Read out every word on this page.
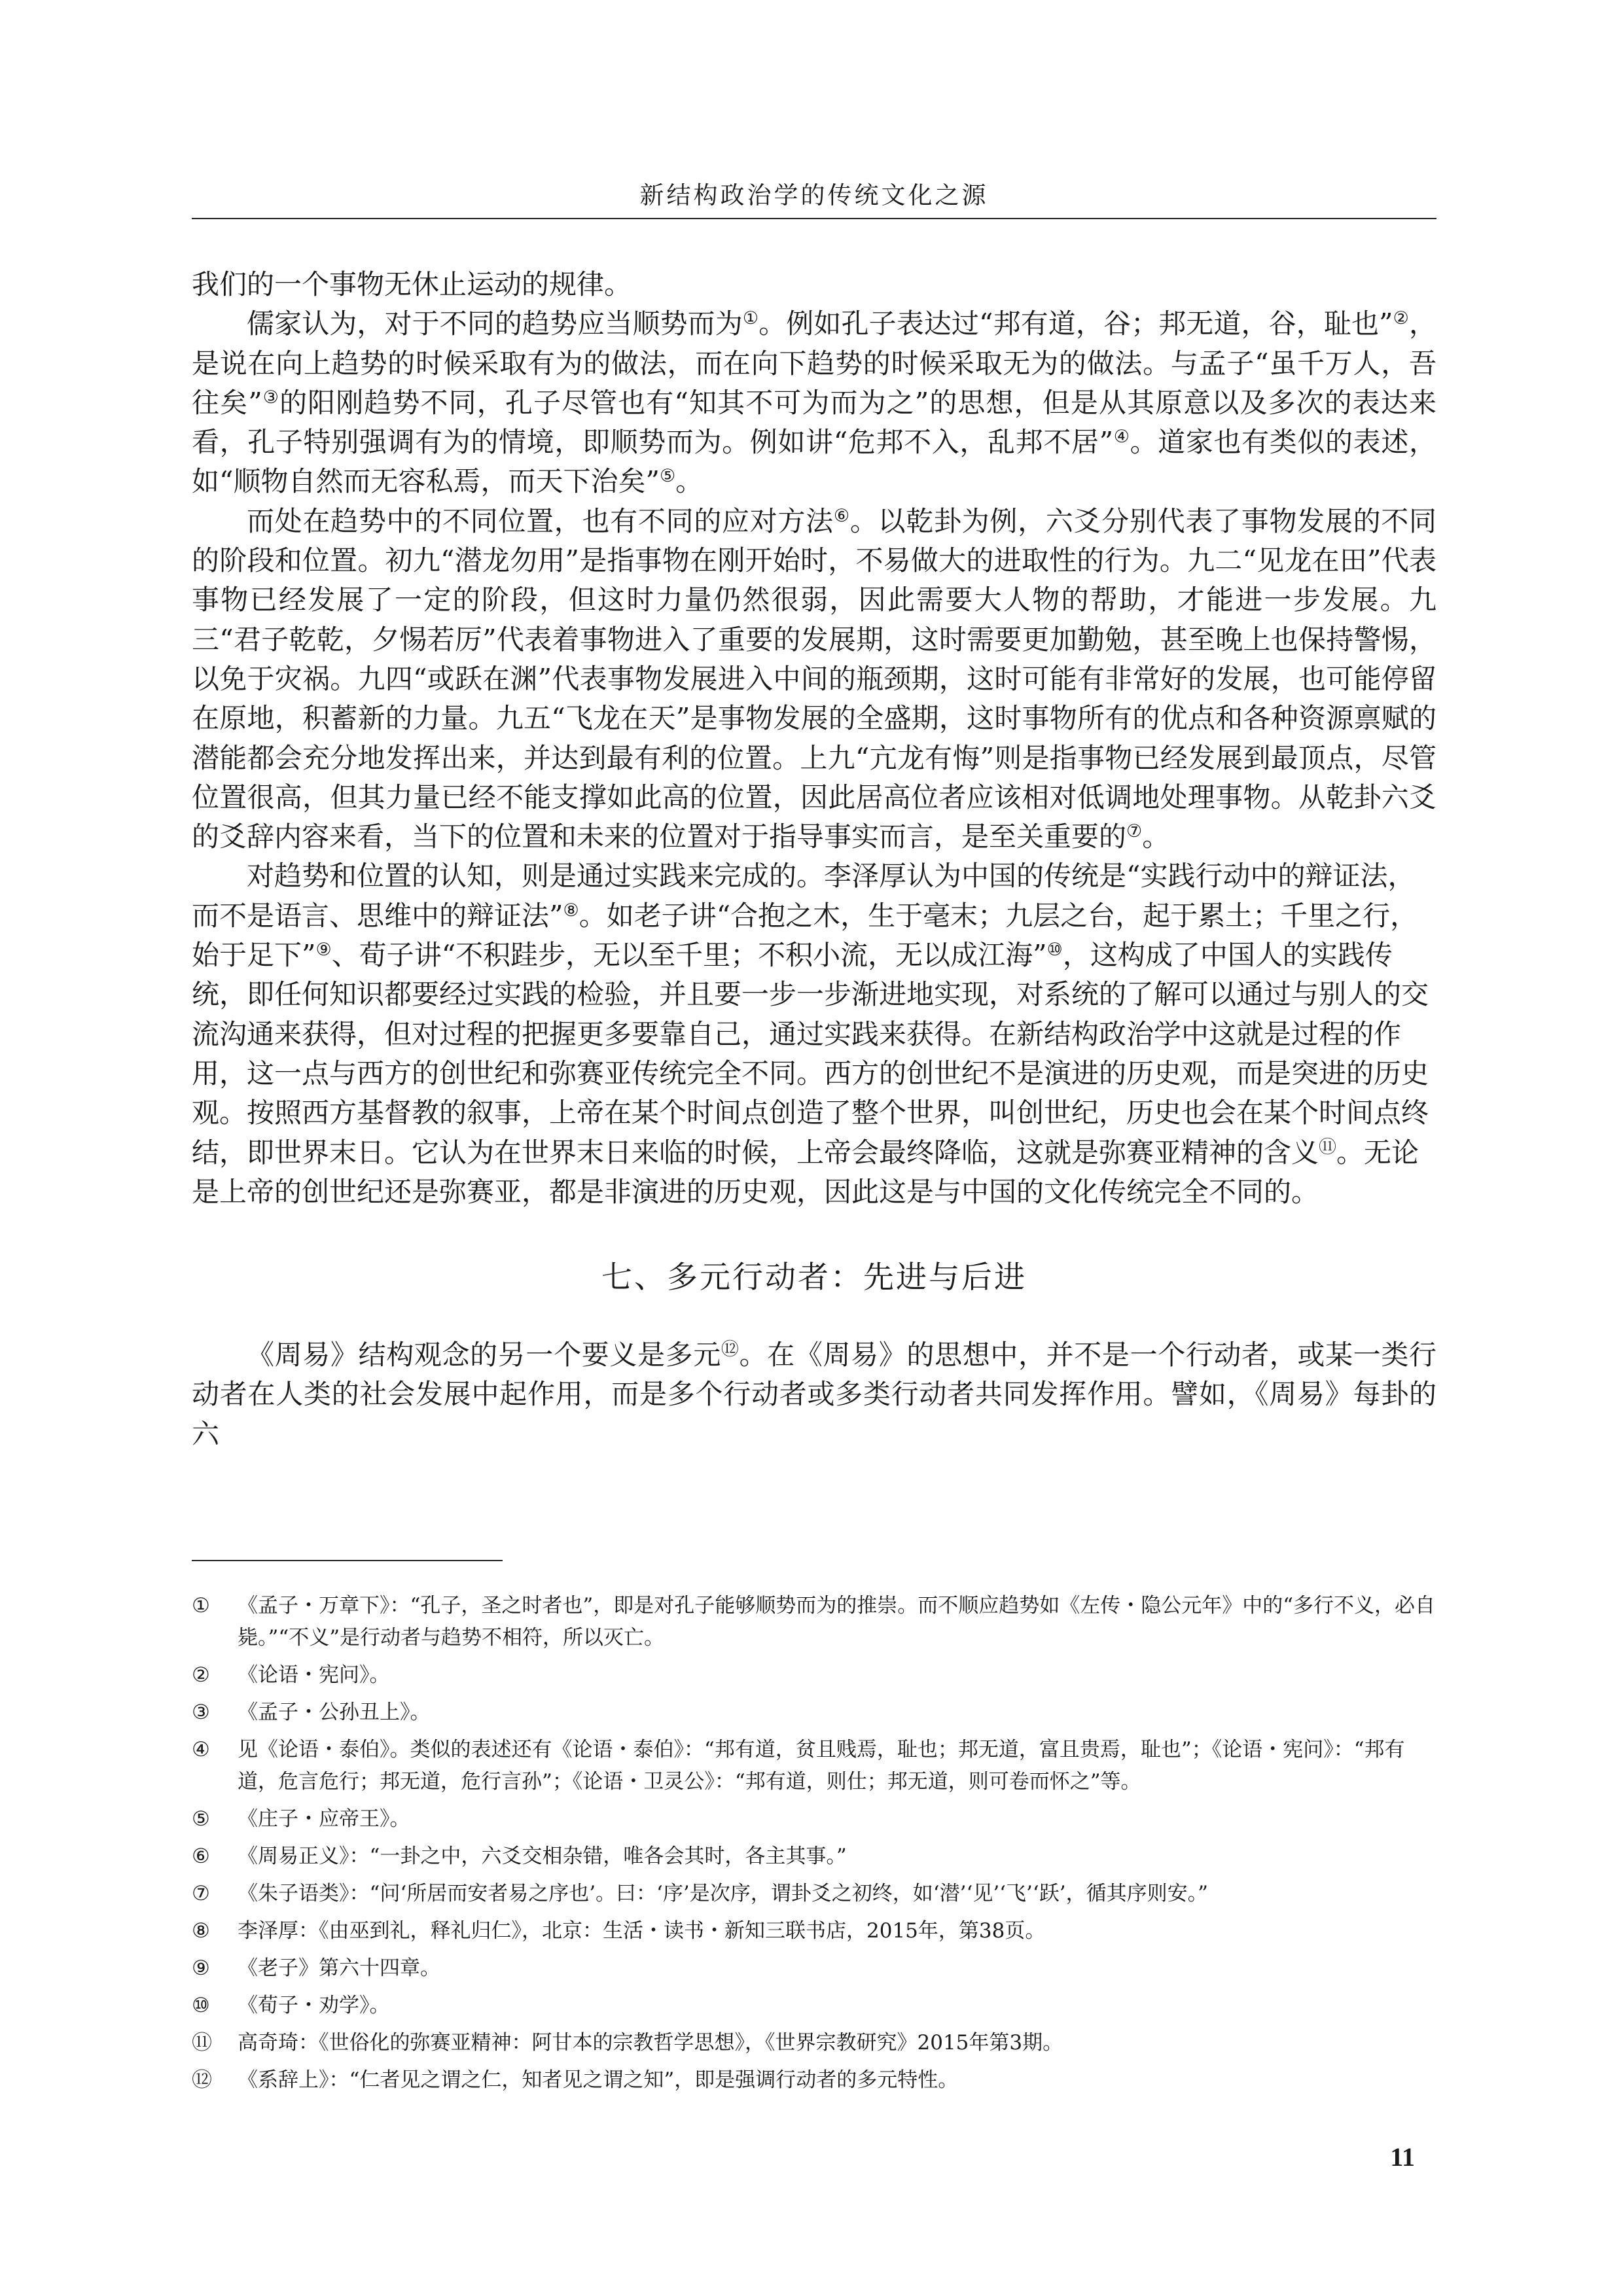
新结构政治学的传统文化之源

我们的一个事物无休止运动的规律。

儒家认为，对于不同的趋势应当顺势而为①。例如孔子表达过“邦有道，谷；邦无道，谷，耻也”②，是说在向上趋势的时候采取有为的做法，而在向下趋势的时候采取无为的做法。与孟子“虽千万人，吾往矣”③的阳刚趋势不同，孔子尽管也有“知其不可为而为之”的思想，但是从其原意以及多次的表达来看，孔子特别强调有为的情境，即顺势而为。例如讲“危邦不入，乱邦不居”④。道家也有类似的表述，如“顺物自然而无容私焉，而天下治矣”⑤。

而处在趋势中的不同位置，也有不同的应对方法⑥。以乾卦为例，六爻分别代表了事物发展的不同的阶段和位置。初九“潜龙勿用”是指事物在刚开始时，不易做大的进取性的行为。九二“见龙在田”代表事物已经发展了一定的阶段，但这时力量仍然很弱，因此需要大人物的帮助，才能进一步发展。九三“君子乾乾，夕惕若厉”代表着事物进入了重要的发展期，这时需要更加勤勉，甚至晚上也保持警惕，以免于灾祸。九四“或跃在渊”代表事物发展进入中间的瓶颈期，这时可能有非常好的发展，也可能停留在原地，积蓄新的力量。九五“飞龙在天”是事物发展的全盛期，这时事物所有的优点和各种资源禀赋的潜能都会充分地发挥出来，并达到最有利的位置。上九“亢龙有悔”则是指事物已经发展到最顶点，尽管位置很高，但其力量已经不能支撑如此高的位置，因此居高位者应该相对低调地处理事物。从乾卦六爻的爻辞内容来看，当下的位置和未来的位置对于指导事实而言，是至关重要的⑦。

对趋势和位置的认知，则是通过实践来完成的。李泽厚认为中国的传统是“实践行动中的辩证法，而不是语言、思维中的辩证法”⑧。如老子讲“合抱之木，生于毫末；九层之台，起于累土；千里之行，始于足下”⑨、荀子讲“不积跬步，无以至千里；不积小流，无以成江海”⑩，这构成了中国人的实践传统，即任何知识都要经过实践的检验，并且要一步一步渐进地实现，对系统的了解可以通过与别人的交流沟通来获得，但对过程的把握更多要靠自己，通过实践来获得。在新结构政治学中这就是过程的作用，这一点与西方的创世纪和弥赛亚传统完全不同。西方的创世纪不是演进的历史观，而是突进的历史观。按照西方基督教的叙事，上帝在某个时间点创造了整个世界，叫创世纪，历史也会在某个时间点终结，即世界末日。它认为在世界末日来临的时候，上帝会最终降临，这就是弥赛亚精神的含义⑪。无论是上帝的创世纪还是弥赛亚，都是非演进的历史观，因此这是与中国的文化传统完全不同的。

七、多元行动者：先进与后进

《周易》结构观念的另一个要义是多元⑫。在《周易》的思想中，并不是一个行动者，或某一类行动者在人类的社会发展中起作用，而是多个行动者或多类行动者共同发挥作用。譬如，《周易》每卦的六

① 《孟子・万章下》：“孔子，圣之时者也”，即是对孔子能够顺势而为的推崇。而不顺应趋势如《左传・隐公元年》中的“多行不义，必自毙。”“不义”是行动者与趋势不相符，所以灭亡。
② 《论语・宪问》。
③ 《孟子・公孙丑上》。
④ 见《论语・泰伯》。类似的表述还有《论语・泰伯》：“邦有道，贫且贱焉，耻也；邦无道，富且贵焉，耻也”；《论语・宪问》：“邦有道，危言危行；邦无道，危行言孙”；《论语・卫灵公》：“邦有道，则仕；邦无道，则可卷而怀之”等。
⑤ 《庄子・应帝王》。
⑥ 《周易正义》：“一卦之中，六爻交相杂错，唯各会其时，各主其事。”
⑦ 《朱子语类》：“问‘所居而安者易之序也’。曰：‘序’是次序，谓卦爻之初终，如‘潜’‘见’‘飞’‘跃’，循其序则安。”
⑧ 李泽厚：《由巫到礼，释礼归仁》，北京：生活・读书・新知三联书店，2015年，第38页。
⑨ 《老子》第六十四章。
⑩ 《荀子・劝学》。
⑪ 高奇琦：《世俗化的弥赛亚精神：阿甘本的宗教哲学思想》，《世界宗教研究》2015年第3期。
⑫ 《系辞上》：“仁者见之谓之仁，知者见之谓之知”，即是强调行动者的多元特性。
11
